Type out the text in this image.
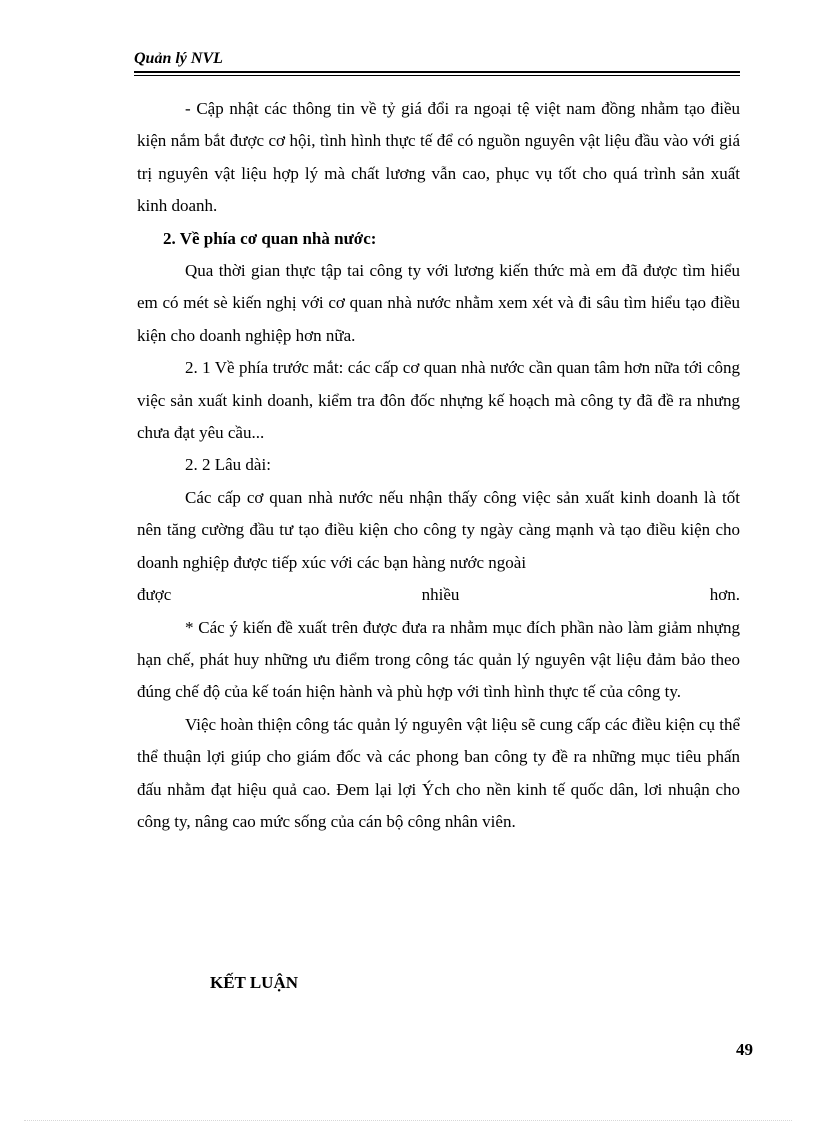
Quản lý NVL

- Cập nhật các thông tin về tỷ giá đổi ra ngoại tệ việt nam đồng nhằm tạo điều kiện nắm bắt được cơ hội, tình hình thực tế để có nguồn nguyên vật liệu đầu vào với giá trị nguyên vật liệu hợp lý mà chất lương vẫn cao, phục vụ tốt cho quá trình sản xuất kinh doanh.

2. Về phía cơ quan nhà nước:

Qua thời gian thực tập tai công ty với lương kiến thức mà em đã được tìm hiểu em có mét sè kiến nghị với cơ quan nhà nước nhằm xem xét và đi sâu tìm hiểu tạo điều kiện cho doanh nghiệp hơn nữa.

2. 1 Về phía trước mắt: các cấp cơ quan nhà nước cần quan tâm hơn nữa tới công việc sản xuất kinh doanh, kiểm tra đôn đốc nhựng kế hoạch mà công ty đã đề ra nhưng chưa đạt yêu cầu...

2. 2 Lâu dài:

Các cấp cơ quan nhà nước nếu nhận thấy công việc sản xuất kinh doanh là tốt nên tăng cường đầu tư tạo điều kiện cho công ty ngày càng mạnh và tạo điều kiện cho doanh nghiệp được tiếp xúc với các bạn hàng nước ngoài

được nhiều hơn.

* Các ý kiến đề xuất trên được đưa ra nhằm mục đích phần nào làm giảm nhựng hạn chế, phát huy những ưu điểm trong công tác quản lý nguyên vật liệu đảm bảo theo đúng chế độ của kế toán hiện hành và phù hợp với tình hình thực tế của công ty.

Việc hoàn thiện công tác quản lý nguyên vật liệu sẽ cung cấp các điều kiện cụ thể thể thuận lợi giúp cho giám đốc và các phong ban công ty đề ra những mục tiêu phấn đấu nhằm đạt hiệu quả cao. Đem lại lợi Ých cho nền kinh tế quốc dân, lơi nhuận cho công ty, nâng cao mức sống của cán bộ công nhân viên.

KẾT LUẬN
49
